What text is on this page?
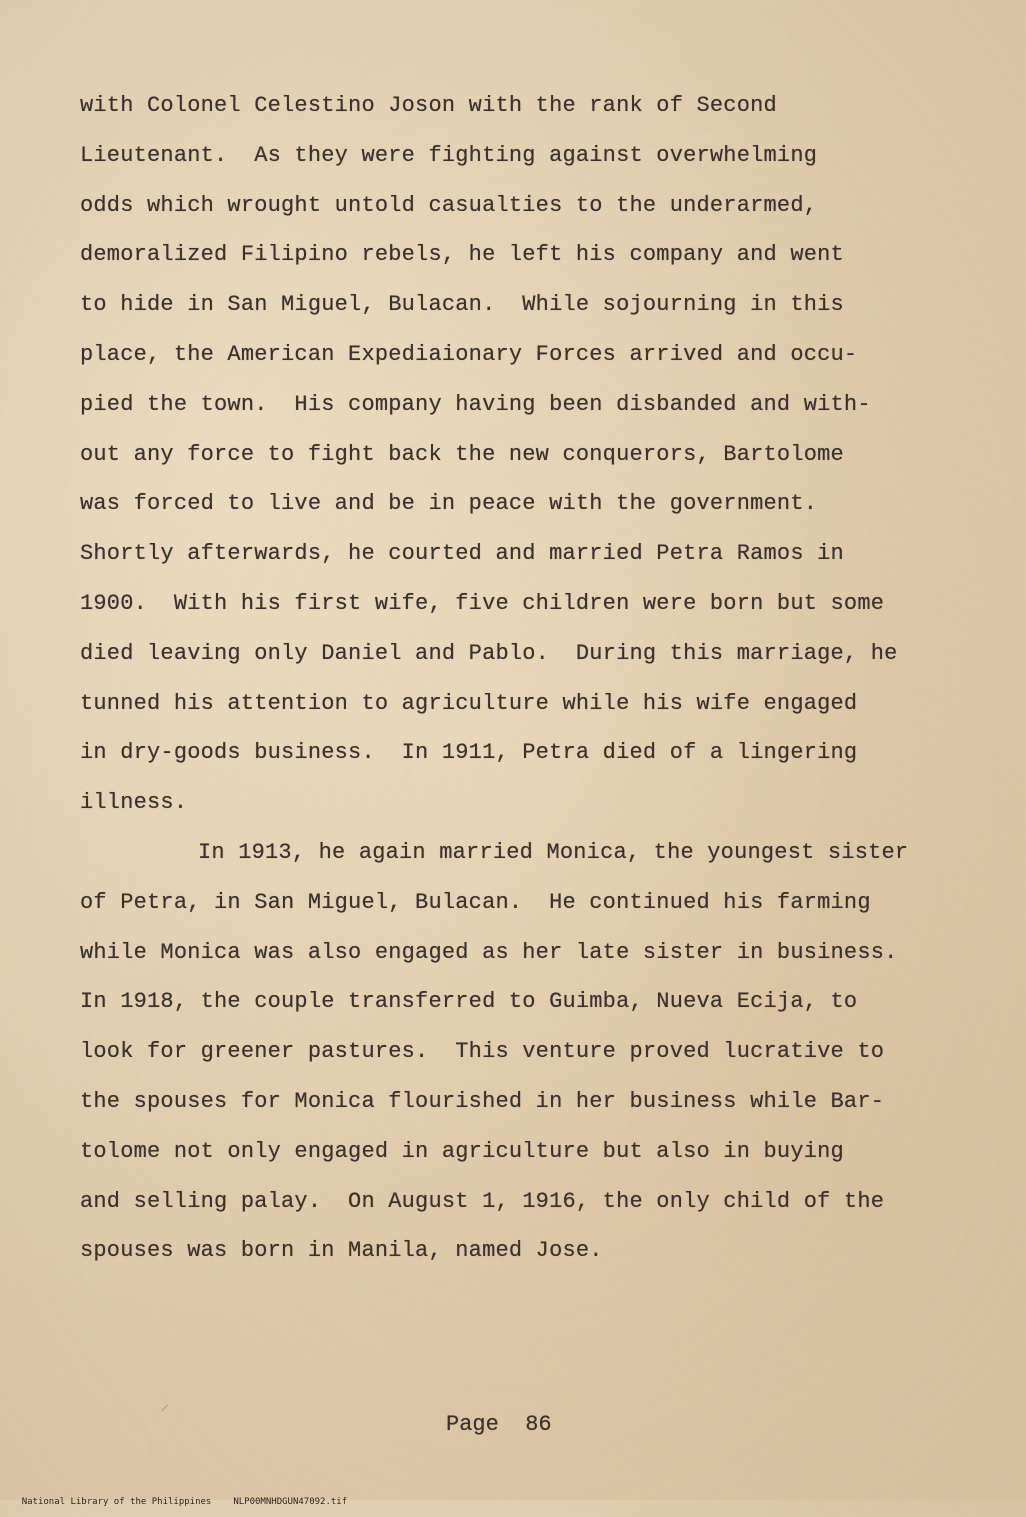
with Colonel Celestino Joson with the rank of Second
Lieutenant.  As they were fighting against overwhelming
odds which wrought untold casualties to the underarmed,
demoralized Filipino rebels, he left his company and went
to hide in San Miguel, Bulacan.  While sojourning in this
place, the American Expediaionary Forces arrived and occu-
pied the town.  His company having been disbanded and with-
out any force to fight back the new conquerors, Bartolome
was forced to live and be in peace with the government.
Shortly afterwards, he courted and married Petra Ramos in
1900.  With his first wife, five children were born but some
died leaving only Daniel and Pablo.  During this marriage, he
tunned his attention to agriculture while his wife engaged
in dry-goods business.  In 1911, Petra died of a lingering
illness.
In 1913, he again married Monica, the youngest sister
of Petra, in San Miguel, Bulacan.  He continued his farming
while Monica was also engaged as her late sister in business.
In 1918, the couple transferred to Guimba, Nueva Ecija, to
look for greener pastures.  This venture proved lucrative to
the spouses for Monica flourished in her business while Bar-
tolome not only engaged in agriculture but also in buying
and selling palay.  On August 1, 1916, the only child of the
spouses was born in Manila, named Jose.
⸝
Page  86

National Library of the Philippines NLP00MNHDGUN47092.tif
